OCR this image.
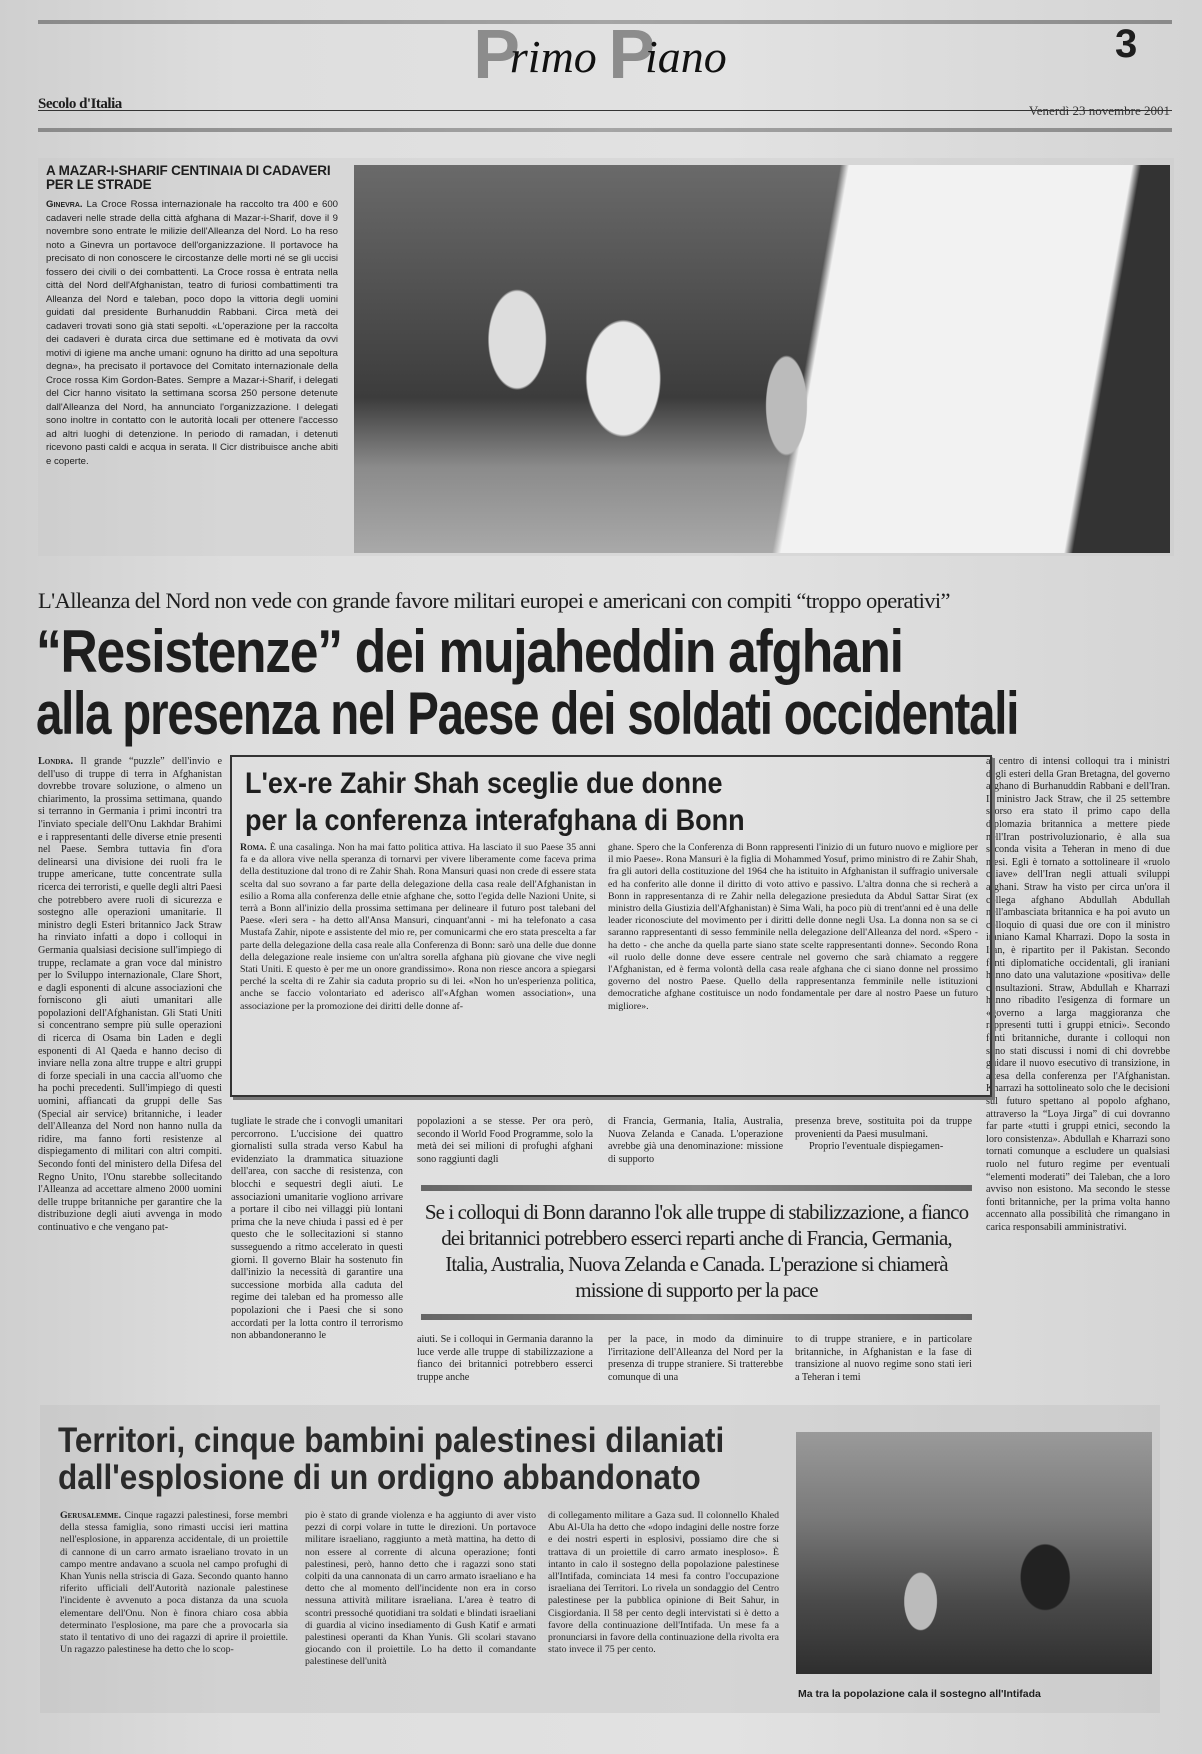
Primo Piano	3
Secolo d'Italia	Venerdì 23 novembre 2001
A MAZAR-I-SHARIF CENTINAIA DI CADAVERI PER LE STRADE
Ginevra. La Croce Rossa internazionale ha raccolto tra 400 e 600 cadaveri nelle strade della città afghana di Mazar-i-Sharif, dove il 9 novembre sono entrate le milizie dell'Alleanza del Nord. Lo ha reso noto a Ginevra un portavoce dell'organizzazione. Il portavoce ha precisato di non conoscere le circostanze delle morti né se gli uccisi fossero dei civili o dei combattenti. La Croce rossa è entrata nella città del Nord dell'Afghanistan, teatro di furiosi combattimenti tra Alleanza del Nord e taleban, poco dopo la vittoria degli uomini guidati dal presidente Burhanuddin Rabbani. Circa metà dei cadaveri trovati sono già stati sepolti. «L'operazione per la raccolta dei cadaveri è durata circa due settimane ed è motivata da ovvi motivi di igiene ma anche umani: ognuno ha diritto ad una sepoltura degna», ha precisato il portavoce del Comitato internazionale della Croce rossa Kim Gordon-Bates. Sempre a Mazar-i-Sharif, i delegati del Cicr hanno visitato la settimana scorsa 250 persone detenute dall'Alleanza del Nord, ha annunciato l'organizzazione. I delegati sono inoltre in contatto con le autorità locali per ottenere l'accesso ad altri luoghi di detenzione. In periodo di ramadan, i detenuti ricevono pasti caldi e acqua in serata. Il Cicr distribuisce anche abiti e coperte.
L'Alleanza del Nord non vede con grande favore militari europei e americani con compiti “troppo operativi”
“Resistenze” dei mujaheddin afghani
alla presenza nel Paese dei soldati occidentali
Londra. Il grande “puzzle” dell'invio e dell'uso di truppe di terra in Afghanistan dovrebbe trovare soluzione, o almeno un chiarimento, la prossima settimana, quando si terranno in Germania i primi incontri tra l'inviato speciale dell'Onu Lakhdar Brahimi e i rappresentanti delle diverse etnie presenti nel Paese. Sembra tuttavia fin d'ora delinearsi una divisione dei ruoli fra le truppe americane, tutte concentrate sulla ricerca dei terroristi, e quelle degli altri Paesi che potrebbero avere ruoli di sicurezza e sostegno alle operazioni umanitarie. Il ministro degli Esteri britannico Jack Straw ha rinviato infatti a dopo i colloqui in Germania qualsiasi decisione sull'impiego di truppe, reclamate a gran voce dal ministro per lo Sviluppo internazionale, Clare Short, e dagli esponenti di alcune associazioni che forniscono gli aiuti umanitari alle popolazioni dell'Afghanistan. Gli Stati Uniti si concentrano sempre più sulle operazioni di ricerca di Osama bin Laden e degli esponenti di Al Qaeda e hanno deciso di inviare nella zona altre truppe e altri gruppi di forze speciali in una caccia all'uomo che ha pochi precedenti. Sull'impiego di questi uomini, affiancati da gruppi delle Sas (Special air service) britanniche, i leader dell'Alleanza del Nord non hanno nulla da ridire, ma fanno forti resistenze al dispiegamento di militari con altri compiti. Secondo fonti del ministero della Difesa del Regno Unito, l'Onu starebbe sollecitando l'Alleanza ad accettare almeno 2000 uomini delle truppe britanniche per garantire che la distribuzione degli aiuti avvenga in modo continuativo e che vengano pat-
tugliate le strade che i convogli umanitari percorrono. L'uccisione dei quattro giornalisti sulla strada verso Kabul ha evidenziato la drammatica situazione dell'area, con sacche di resistenza, con blocchi e sequestri degli aiuti. Le associazioni umanitarie vogliono arrivare a portare il cibo nei villaggi più lontani prima che la neve chiuda i passi ed è per questo che le sollecitazioni si stanno susseguendo a ritmo accelerato in questi giorni. Il governo Blair ha sostenuto fin dall'inizio la necessità di garantire una successione morbida alla caduta del regime dei taleban ed ha promesso alle popolazioni che i Paesi che si sono accordati per la lotta contro il terrorismo non abbandoneranno le
popolazioni a se stesse. Per ora però, secondo il World Food Programme, solo la metà dei sei milioni di profughi afghani sono raggiunti dagli
di Francia, Germania, Italia, Australia, Nuova Zelanda e Canada. L'operazione avrebbe già una denominazione: missione di supporto
presenza breve, sostituita poi da truppe provenienti da Paesi musulmani.
Proprio l'eventuale dispiegamen-
Se i colloqui di Bonn daranno l'ok alle truppe di stabilizzazione, a fianco dei britannici potrebbero esserci reparti anche di Francia, Germania, Italia, Australia, Nuova Zelanda e Canada. L'perazione si chiamerà missione di supporto per la pace
aiuti. Se i colloqui in Germania daranno la luce verde alle truppe di stabilizzazione a fianco dei britannici potrebbero esserci truppe anche
per la pace, in modo da diminuire l'irritazione dell'Alleanza del Nord per la presenza di truppe straniere. Si tratterebbe comunque di una
to di truppe straniere, e in particolare britanniche, in Afghanistan e la fase di transizione al nuovo regime sono stati ieri a Teheran i temi
al centro di intensi colloqui tra i ministri degli esteri della Gran Bretagna, del governo afghano di Burhanuddin Rabbani e dell'Iran. Il ministro Jack Straw, che il 25 settembre scorso era stato il primo capo della diplomazia britannica a mettere piede nell'Iran postrivoluzionario, è alla sua seconda visita a Teheran in meno di due mesi. Egli è tornato a sottolineare il «ruolo chiave» dell'Iran negli attuali sviluppi afghani. Straw ha visto per circa un'ora il collega afghano Abdullah Abdullah nell'ambasciata britannica e ha poi avuto un colloquio di quasi due ore con il ministro iraniano Kamal Kharrazi. Dopo la sosta in Iran, è ripartito per il Pakistan. Secondo fonti diplomatiche occidentali, gli iraniani hanno dato una valutazione «positiva» delle consultazioni. Straw, Abdullah e Kharrazi hanno ribadito l'esigenza di formare un «governo a larga maggioranza che rappresenti tutti i gruppi etnici». Secondo fonti britanniche, durante i colloqui non sono stati discussi i nomi di chi dovrebbe guidare il nuovo esecutivo di transizione, in attesa della conferenza per l'Afghanistan. Kharrazi ha sottolineato solo che le decisioni sul futuro spettano al popolo afghano, attraverso la “Loya Jirga” di cui dovranno far parte «tutti i gruppi etnici, secondo la loro consistenza». Abdullah e Kharrazi sono tornati comunque a escludere un qualsiasi ruolo nel futuro regime per eventuali “elementi moderati” dei Taleban, che a loro avviso non esistono. Ma secondo le stesse fonti britanniche, per la prima volta hanno accennato alla possibilità che rimangano in carica responsabili amministrativi.
L'ex-re Zahir Shah sceglie due donne
per la conferenza interafghana di Bonn
Roma. È una casalinga. Non ha mai fatto politica attiva. Ha lasciato il suo Paese 35 anni fa e da allora vive nella speranza di tornarvi per vivere liberamente come faceva prima della destituzione dal trono di re Zahir Shah. Rona Mansuri quasi non crede di essere stata scelta dal suo sovrano a far parte della delegazione della casa reale dell'Afghanistan in esilio a Roma alla conferenza delle etnie afghane che, sotto l'egida delle Nazioni Unite, si terrà a Bonn all'inizio della prossima settimana per delineare il futuro post talebani del Paese. «Ieri sera - ha detto all'Ansa Mansuri, cinquant'anni - mi ha telefonato a casa Mustafa Zahir, nipote e assistente del mio re, per comunicarmi che ero stata prescelta a far parte della delegazione della casa reale alla Conferenza di Bonn: sarò una delle due donne della delegazione reale insieme con un'altra sorella afghana più giovane che vive negli Stati Uniti. E questo è per me un onore grandissimo». Rona non riesce ancora a spiegarsi perché la scelta di re Zahir sia caduta proprio su di lei. «Non ho un'esperienza politica, anche se faccio volontariato ed aderisco all'«Afghan women association», una associazione per la promozione dei diritti delle donne af-
ghane. Spero che la Conferenza di Bonn rappresenti l'inizio di un futuro nuovo e migliore per il mio Paese». Rona Mansuri è la figlia di Mohammed Yosuf, primo ministro di re Zahir Shah, fra gli autori della costituzione del 1964 che ha istituito in Afghanistan il suffragio universale ed ha conferito alle donne il diritto di voto attivo e passivo. L'altra donna che si recherà a Bonn in rappresentanza di re Zahir nella delegazione presieduta da Abdul Sattar Sirat (ex ministro della Giustizia dell'Afghanistan) è Sima Wali, ha poco più di trent'anni ed è una delle leader riconosciute del movimento per i diritti delle donne negli Usa. La donna non sa se ci saranno rappresentanti di sesso femminile nella delegazione dell'Alleanza del nord. «Spero - ha detto - che anche da quella parte siano state scelte rappresentanti donne». Secondo Rona «il ruolo delle donne deve essere centrale nel governo che sarà chiamato a reggere l'Afghanistan, ed è ferma volontà della casa reale afghana che ci siano donne nel prossimo governo del nostro Paese. Quello della rappresentanza femminile nelle istituzioni democratiche afghane costituisce un nodo fondamentale per dare al nostro Paese un futuro migliore».
Territori, cinque bambini palestinesi dilaniati
dall'esplosione di un ordigno abbandonato
Gerusalemme. Cinque ragazzi palestinesi, forse membri della stessa famiglia, sono rimasti uccisi ieri mattina nell'esplosione, in apparenza accidentale, di un proiettile di cannone di un carro armato israeliano trovato in un campo mentre andavano a scuola nel campo profughi di Khan Yunis nella striscia di Gaza. Secondo quanto hanno riferito ufficiali dell'Autorità nazionale palestinese l'incidente è avvenuto a poca distanza da una scuola elementare dell'Onu. Non è finora chiaro cosa abbia determinato l'esplosione, ma pare che a provocarla sia stato il tentativo di uno dei ragazzi di aprire il proiettile. Un ragazzo palestinese ha detto che lo scop-
pio è stato di grande violenza e ha aggiunto di aver visto pezzi di corpi volare in tutte le direzioni. Un portavoce militare israeliano, raggiunto a metà mattina, ha detto di non essere al corrente di alcuna operazione; fonti palestinesi, però, hanno detto che i ragazzi sono stati colpiti da una cannonata di un carro armato israeliano e ha detto che al momento dell'incidente non era in corso nessuna attività militare israeliana. L'area è teatro di scontri pressoché quotidiani tra soldati e blindati israeliani di guardia al vicino insediamento di Gush Katif e armati palestinesi operanti da Khan Yunis. Gli scolari stavano giocando con il proiettile. Lo ha detto il comandante palestinese dell'unità
di collegamento militare a Gaza sud. Il colonnello Khaled Abu Al-Ula ha detto che «dopo indagini delle nostre forze e dei nostri esperti in esplosivi, possiamo dire che si trattava di un proiettile di carro armato inesploso». È intanto in calo il sostegno della popolazione palestinese all'Intifada, cominciata 14 mesi fa contro l'occupazione israeliana dei Territori. Lo rivela un sondaggio del Centro palestinese per la pubblica opinione di Beit Sahur, in Cisgiordania. Il 58 per cento degli intervistati si è detto a favore della continuazione dell'Intifada. Un mese fa a pronunciarsi in favore della continuazione della rivolta era stato invece il 75 per cento.
Ma tra la popolazione cala il sostegno all'Intifada
